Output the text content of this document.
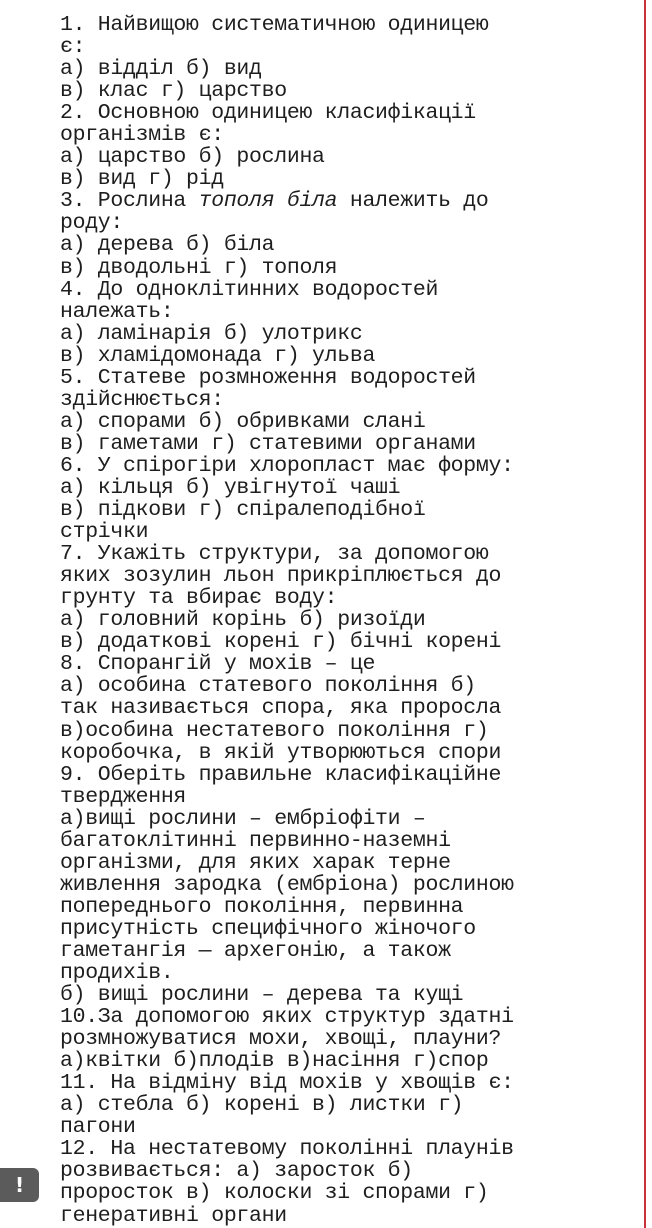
1. Найвищою систематичною одиницею
є:
а) відділ б) вид
в) клас г) царство
2. Основною одиницею класифікації
організмів є:
а) царство б) рослина
в) вид г) рід
3. Рослина тополя біла належить до
роду:
а) дерева б) біла
в) дводольні г) тополя
4. До одноклітинних водоростей
належать:
а) ламінарія б) улотрикс
в) хламідомонада г) ульва
5. Статеве розмноження водоростей
здійснюється:
а) спорами б) обривками слані
в) гаметами г) статевими органами
6. У спірогіри хлоропласт має форму:
а) кільця б) увігнутої чаші
в) підкови г) спіралеподібної
стрічки
7. Укажіть структури, за допомогою
яких зозулин льон прикріплюється до
грунту та вбирає воду:
а) головний корінь б) ризоїди
в) додаткові корені г) бічні корені
8. Спорангій у мохів – це
а) особина статевого покоління б)
так називається спора, яка проросла
в)особина нестатевого покоління г)
коробочка, в якій утворюються спори
9. Оберіть правильне класифікаційне
твердження
а)вищі рослини – ембріофіти –
багатоклітинні первинно-наземні
організми, для яких харак терне
живлення зародка (ембріона) рослиною
попереднього покоління, первинна
присутність специфічного жіночого
гаметангія — архегонію, а також
продихів.
б) вищі рослини – дерева та кущі
10.За допомогою яких структур здатні
розмножуватися мохи, хвощі, плауни?
а)квітки б)плодів в)насіння г)спор
11. На відміну від мохів у хвощів є:
а) стебла б) корені в) листки г)
пагони
12. На нестатевому поколінні плаунів
розвивається: а) заросток б)
проросток в) колоски зі спорами г)
генеративні органи
!
